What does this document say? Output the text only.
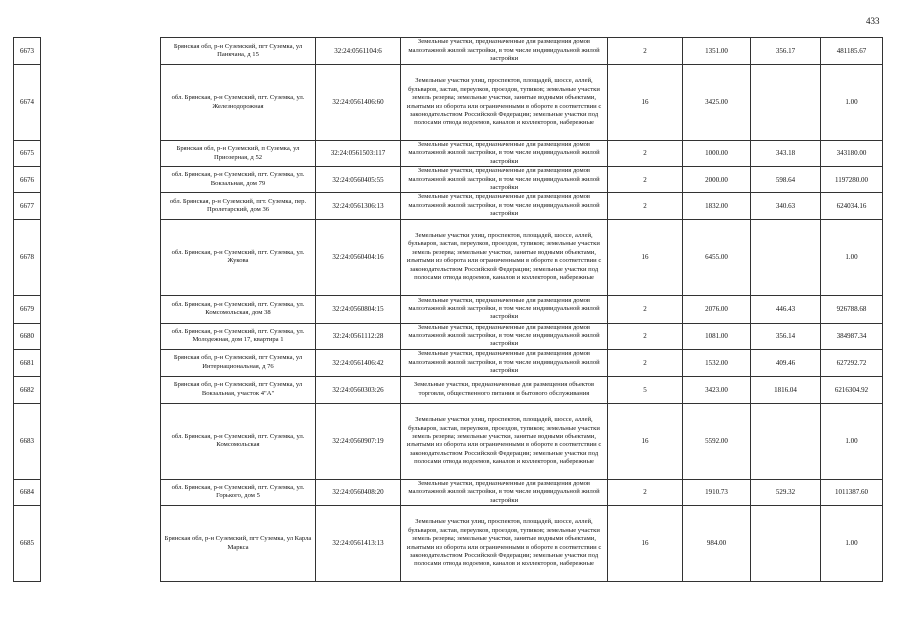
433
6673		Брянская обл, р-н Суземский, пгт Суземка, ул Панкчана, д 15	32:24:0561104:6	Земельные участки, предназначенные для размещения домов малоэтажной жилой застройки, в том числе индивидуальной жилой застройки	2	1351.00	356.17	481185.67
6674		обл. Брянская, р-н Суземский, пгт. Суземка, ул. Железнодорожная	32:24:0561406:60	Земельные участки улиц, проспектов, площадей, шоссе, аллей, бульваров, застав, переулков, проездов, тупиков; земельные участки земель резерва; земельные участки, занятые водными объектами, изъятыми из оборота или ограниченными в обороте в соответствии с законодательством Российской Федерации; земельные участки под полосами отвода водоемов, каналов и коллекторов, набережные	16	3425.00		1.00
6675		Брянская обл, р-н Суземский, п Суземка, ул Приозерная, д 52	32:24:0561503:117	Земельные участки, предназначенные для размещения домов малоэтажной жилой застройки, в том числе индивидуальной жилой застройки	2	1000.00	343.18	343180.00
6676		обл. Брянская, р-н Суземский, пгт. Суземка, ул. Вокзальная, дом 79	32:24:0560405:55	Земельные участки, предназначенные для размещения домов малоэтажной жилой застройки, в том числе индивидуальной жилой застройки	2	2000.00	598.64	1197280.00
6677		обл. Брянская, р-н Суземский, пгт. Суземка, пер. Пролетарский, дом 36	32:24:0561306:13	Земельные участки, предназначенные для размещения домов малоэтажной жилой застройки, в том числе индивидуальной жилой застройки	2	1832.00	340.63	624034.16
6678		обл. Брянская, р-н Суземский, пгт. Суземка, ул. Жукова	32:24:0560404:16	Земельные участки улиц, проспектов, площадей, шоссе, аллей, бульваров, застав, переулков, проездов, тупиков; земельные участки земель резерва; земельные участки, занятые водными объектами, изъятыми из оборота или ограниченными в обороте в соответствии с законодательством Российской Федерации; земельные участки под полосами отвода водоемов, каналов и коллекторов, набережные	16	6455.00		1.00
6679		обл. Брянская, р-н Суземский, пгт. Суземка, ул. Комсомольская, дом 38	32:24:0560804:15	Земельные участки, предназначенные для размещения домов малоэтажной жилой застройки, в том числе индивидуальной жилой застройки	2	2076.00	446.43	926788.68
6680		обл. Брянская, р-н Суземский, пгт. Суземка, ул. Молодежная, дом 17, квартира 1	32:24:0561112:28	Земельные участки, предназначенные для размещения домов малоэтажной жилой застройки, в том числе индивидуальной жилой застройки	2	1081.00	356.14	384987.34
6681		Брянская обл, р-н Суземский, пгт Суземка, ул Интернациональная, д 76	32:24:0561406:42	Земельные участки, предназначенные для размещения домов малоэтажной жилой застройки, в том числе индивидуальной жилой застройки	2	1532.00	409.46	627292.72
6682		Брянская обл, р-н Суземский, пгт Суземка, ул Вокзальная, участок 4"А"	32:24:0560303:26	Земельные участки, предназначенные для размещения объектов торговли, общественного питания и бытового обслуживания	5	3423.00	1816.04	6216304.92
6683		обл. Брянская, р-н Суземский, пгт. Суземка, ул. Комсомольская	32:24:0560907:19	Земельные участки улиц, проспектов, площадей, шоссе, аллей, бульваров, застав, переулков, проездов, тупиков; земельные участки земель резерва; земельные участки, занятые водными объектами, изъятыми из оборота или ограниченными в обороте в соответствии с законодательством Российской Федерации; земельные участки под полосами отвода водоемов, каналов и коллекторов, набережные	16	5592.00		1.00
6684		обл. Брянская, р-н Суземский, пгт. Суземка, ул. Горького, дом 5	32:24:0560408:20	Земельные участки, предназначенные для размещения домов малоэтажной жилой застройки, в том числе индивидуальной жилой застройки	2	1910.73	529.32	1011387.60
6685		Брянская обл, р-н Суземский, пгт Суземка, ул Карла Маркса	32:24:0561413:13	Земельные участки улиц, проспектов, площадей, шоссе, аллей, бульваров, застав, переулков, проездов, тупиков; земельные участки земель резерва; земельные участки, занятые водными объектами, изъятыми из оборота или ограниченными в обороте в соответствии с законодательством Российской Федерации; земельные участки под полосами отвода водоемов, каналов и коллекторов, набережные	16	984.00		1.00
